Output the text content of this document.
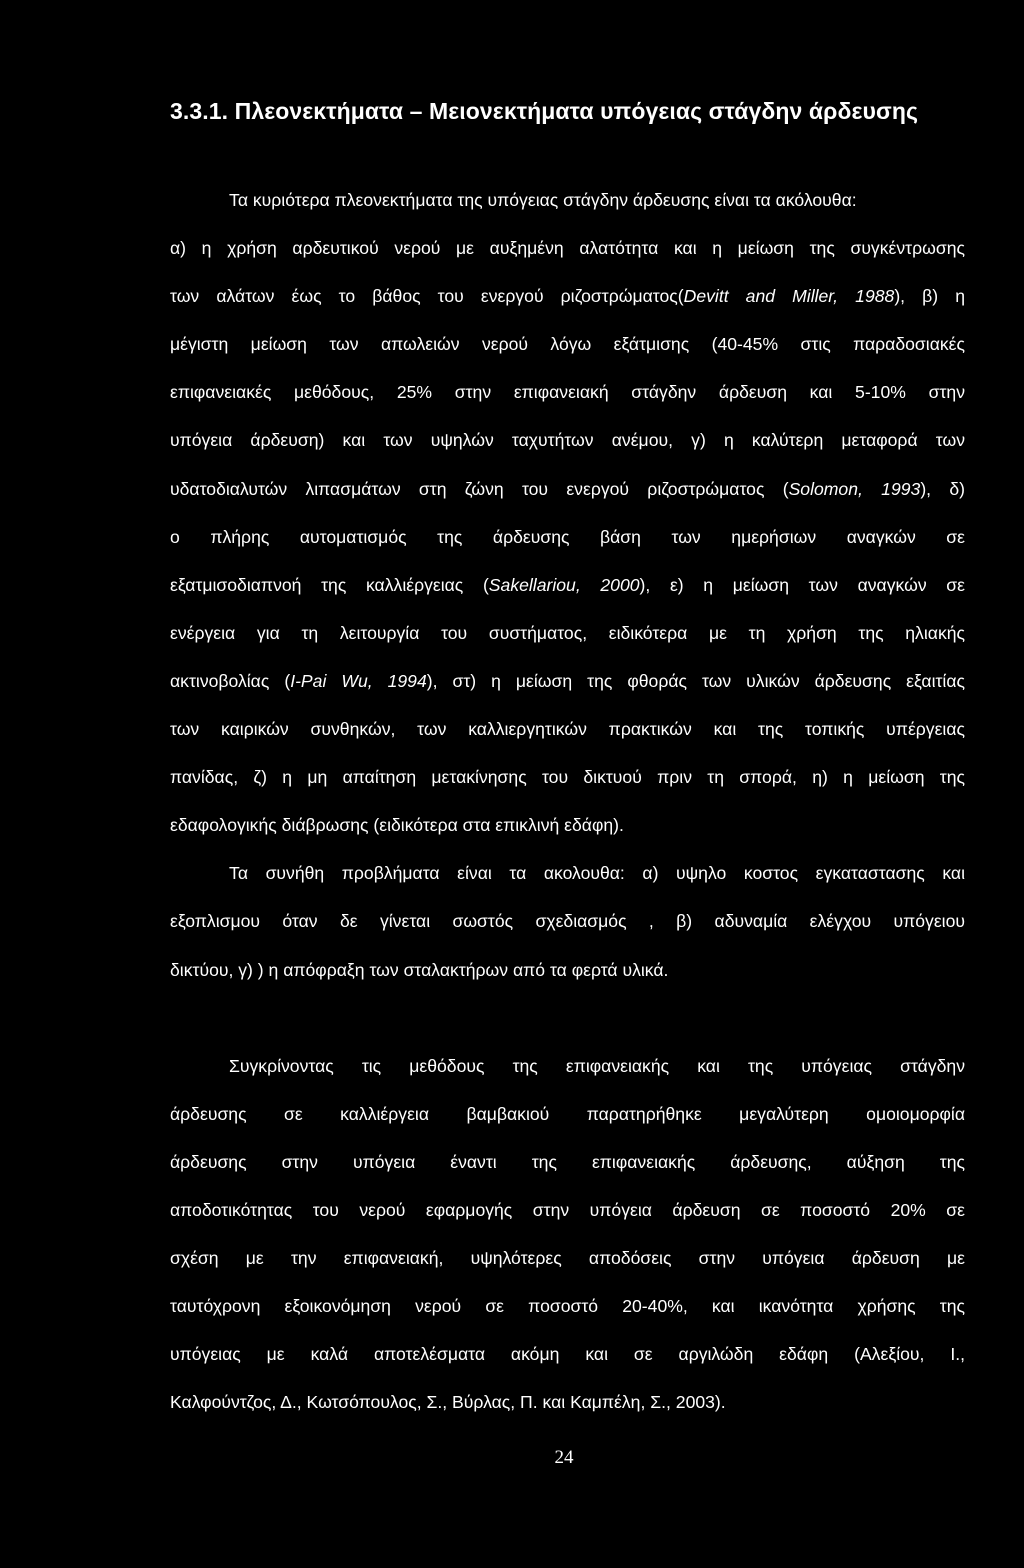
3.3.1. Πλεονεκτήματα – Μειονεκτήματα υπόγειας στάγδην άρδευσης
Τα κυριότερα πλεονεκτήματα της υπόγειας στάγδην άρδευσης είναι τα ακόλουθα:
α) η χρήση αρδευτικού νερού με αυξημένη αλατότητα και η μείωση της συγκέντρωσης
των αλάτων έως το βάθος του ενεργού ριζοστρώματος(Devitt and Miller, 1988), β) η
μέγιστη μείωση των απωλειών νερού λόγω εξάτμισης (40-45% στις παραδοσιακές
επιφανειακές μεθόδους, 25% στην επιφανειακή στάγδην άρδευση και 5-10% στην
υπόγεια άρδευση) και των υψηλών ταχυτήτων ανέμου, γ) η καλύτερη μεταφορά των
υδατοδιαλυτών λιπασμάτων στη ζώνη του ενεργού ριζοστρώματος (Solomon, 1993), δ)
ο πλήρης αυτοματισμός της άρδευσης βάση των ημερήσιων αναγκών σε
εξατμισοδιαπνοή της καλλιέργειας (Sakellariou, 2000), ε) η μείωση των αναγκών σε
ενέργεια για τη λειτουργία του συστήματος, ειδικότερα με τη χρήση της ηλιακής
ακτινοβολίας (I-Pai Wu, 1994), στ) η μείωση της φθοράς των υλικών άρδευσης εξαιτίας
των καιρικών συνθηκών, των καλλιεργητικών πρακτικών και της τοπικής υπέργειας
πανίδας, ζ) η μη απαίτηση μετακίνησης του δικτυού πριν τη σπορά, η) η μείωση της
εδαφολογικής διάβρωσης (ειδικότερα στα επικλινή εδάφη).
Τα συνήθη προβλήματα είναι τα ακολουθα: α) υψηλο κοστος εγκαταστασης και
εξοπλισμου όταν δε γίνεται σωστός σχεδιασμός , β) αδυναμία ελέγχου υπόγειου
δικτύου, γ) ) η απόφραξη των σταλακτήρων από τα φερτά υλικά.
Συγκρίνοντας τις μεθόδους της επιφανειακής και της υπόγειας στάγδην
άρδευσης σε καλλιέργεια βαμβακιού παρατηρήθηκε μεγαλύτερη ομοιομορφία
άρδευσης στην υπόγεια έναντι της επιφανειακής άρδευσης, αύξηση της
αποδοτικότητας του νερού εφαρμογής στην υπόγεια άρδευση σε ποσοστό 20% σε
σχέση με την επιφανειακή, υψηλότερες αποδόσεις στην υπόγεια άρδευση με
ταυτόχρονη εξοικονόμηση νερού σε ποσοστό 20-40%, και ικανότητα χρήσης της
υπόγειας με καλά αποτελέσματα ακόμη και σε αργιλώδη εδάφη (Αλεξίου, Ι.,
Καλφούντζος, Δ., Κωτσόπουλος, Σ., Βύρλας, Π. και Καμπέλη, Σ., 2003).
24
